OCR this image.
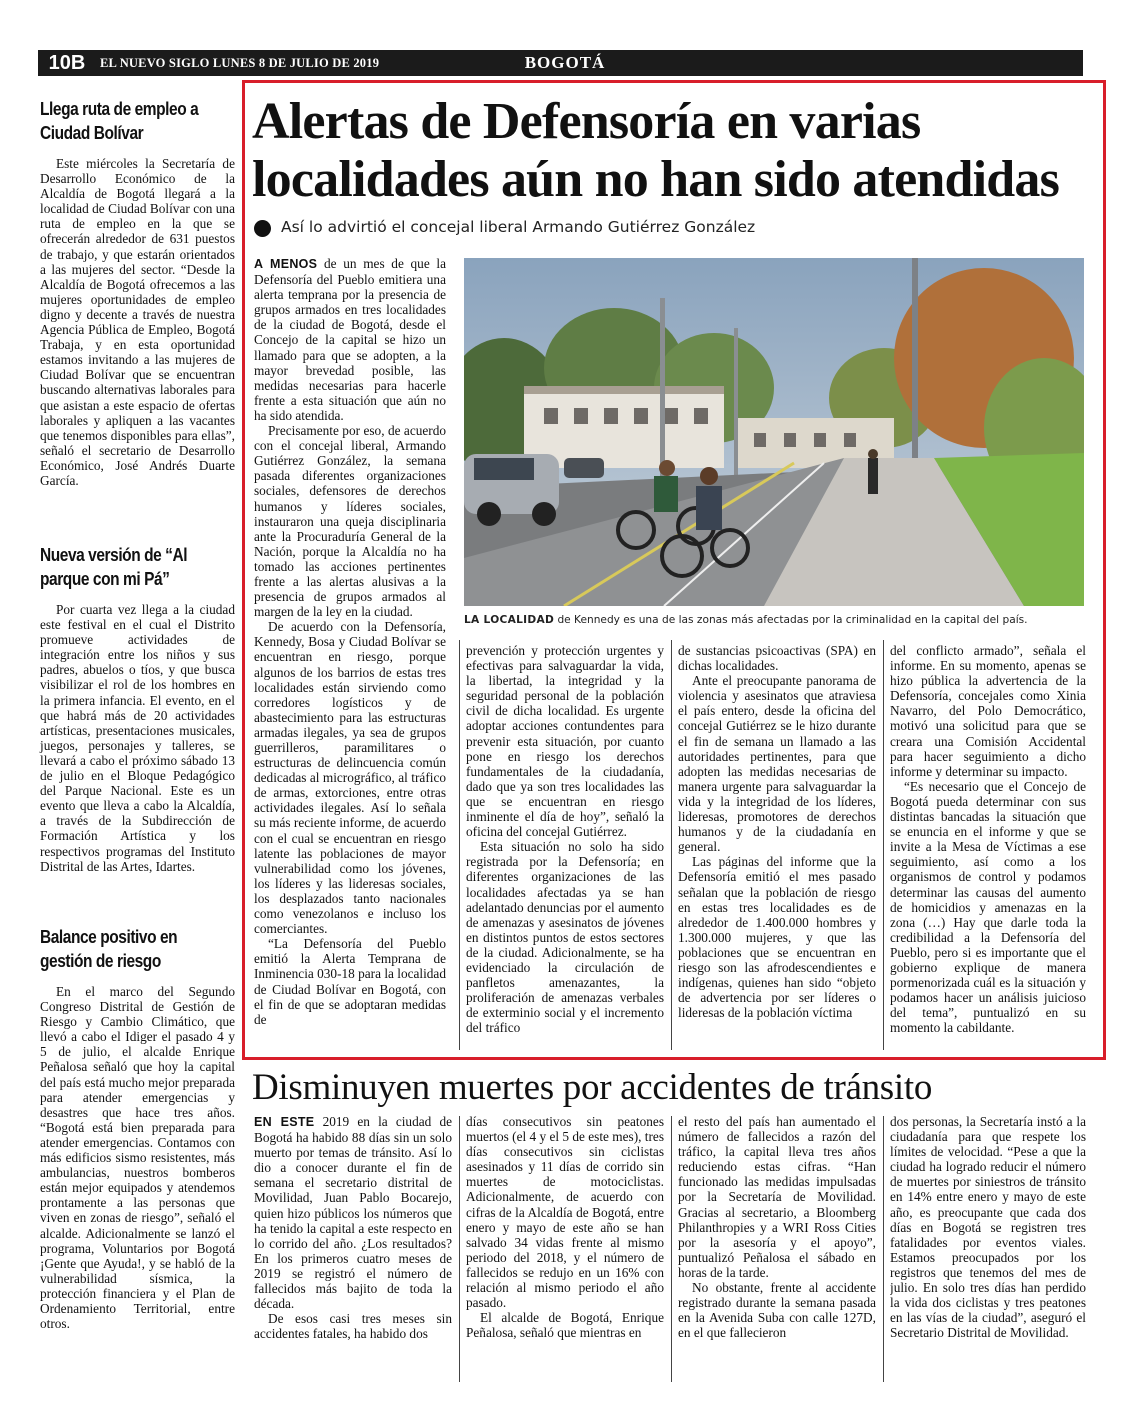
10B	EL NUEVO SIGLO LUNES 8 DE JULIO DE 2019	BOGOTÁ
Llega ruta de empleo a Ciudad Bolívar
Este miércoles la Secretaría de Desarrollo Económico de la Alcaldía de Bogotá llegará a la localidad de Ciudad Bolívar con una ruta de empleo en la que se ofrecerán alrededor de 631 puestos de trabajo, y que estarán orientados a las mujeres del sector. “Desde la Alcaldía de Bogotá ofrecemos a las mujeres oportunidades de empleo digno y decente a través de nuestra Agencia Pública de Empleo, Bogotá Trabaja, y en esta oportunidad estamos invitando a las mujeres de Ciudad Bolívar que se encuentran buscando alternativas laborales para que asistan a este espacio de ofertas laborales y apliquen a las vacantes que tenemos disponibles para ellas”, señaló el secretario de Desarrollo Económico, José Andrés Duarte García.
Nueva versión de “Al parque con mi Pá”
Por cuarta vez llega a la ciudad este festival en el cual el Distrito promueve actividades de integración entre los niños y sus padres, abuelos o tíos, y que busca visibilizar el rol de los hombres en la primera infancia. El evento, en el que habrá más de 20 actividades artísticas, presentaciones musicales, juegos, personajes y talleres, se llevará a cabo el próximo sábado 13 de julio en el Bloque Pedagógico del Parque Nacional. Este es un evento que lleva a cabo la Alcaldía, a través de la Subdirección de Formación Artística y los respectivos programas del Instituto Distrital de las Artes, Idartes.
Balance positivo en gestión de riesgo
En el marco del Segundo Congreso Distrital de Gestión de Riesgo y Cambio Climático, que llevó a cabo el Idiger el pasado 4 y 5 de julio, el alcalde Enrique Peñalosa señaló que hoy la capital del país está mucho mejor preparada para atender emergencias y desastres que hace tres años. “Bogotá está bien preparada para atender emergencias. Contamos con más edificios sismo resistentes, más ambulancias, nuestros bomberos están mejor equipados y atendemos prontamente a las personas que viven en zonas de riesgo”, señaló el alcalde. Adicionalmente se lanzó el programa, Voluntarios por Bogotá ¡Gente que Ayuda!, y se habló de la vulnerabilidad sísmica, la protección financiera y el Plan de Ordenamiento Territorial, entre otros.
Alertas de Defensoría en varias localidades aún no han sido atendidas
Así lo advirtió el concejal liberal Armando Gutiérrez González

A MENOS de un mes de que la Defensoría del Pueblo emitiera una alerta temprana por la presencia de grupos armados en tres localidades de la ciudad de Bogotá, desde el Concejo de la capital se hizo un llamado para que se adopten, a la mayor brevedad posible, las medidas necesarias para hacerle frente a esta situación que aún no ha sido atendida.

Precisamente por eso, de acuerdo con el concejal liberal, Armando Gutiérrez González, la semana pasada diferentes organizaciones sociales, defensores de derechos humanos y líderes sociales, instauraron una queja disciplinaria ante la Procuraduría General de la Nación, porque la Alcaldía no ha tomado las acciones pertinentes frente a las alertas alusivas a la presencia de grupos armados al margen de la ley en la ciudad.

De acuerdo con la Defensoría, Kennedy, Bosa y Ciudad Bolívar se encuentran en riesgo, porque algunos de los barrios de estas tres localidades están sirviendo como corredores logísticos y de abastecimiento para las estructuras armadas ilegales, ya sea de grupos guerrilleros, paramilitares o estructuras de delincuencia común dedicadas al micrográfico, al tráfico de armas, extorciones, entre otras actividades ilegales. Así lo señala su más reciente informe, de acuerdo con el cual se encuentran en riesgo latente las poblaciones de mayor vulnerabilidad como los jóvenes, los líderes y las lideresas sociales, los desplazados tanto nacionales como venezolanos e incluso los comerciantes.

“La Defensoría del Pueblo emitió la Alerta Temprana de Inminencia 030-18 para la localidad de Ciudad Bolívar en Bogotá, con el fin de que se adoptaran medidas de

LA LOCALIDAD de Kennedy es una de las zonas más afectadas por la criminalidad en la capital del país.

prevención y protección urgentes y efectivas para salvaguardar la vida, la libertad, la integridad y la seguridad personal de la población civil de dicha localidad. Es urgente adoptar acciones contundentes para prevenir esta situación, por cuanto pone en riesgo los derechos fundamentales de la ciudadanía, dado que ya son tres localidades las que se encuentran en riesgo inminente el día de hoy”, señaló la oficina del concejal Gutiérrez.

Esta situación no solo ha sido registrada por la Defensoría; en diferentes organizaciones de las localidades afectadas ya se han adelantado denuncias por el aumento de amenazas y asesinatos de jóvenes en distintos puntos de estos sectores de la ciudad. Adicionalmente, se ha evidenciado la circulación de panfletos amenazantes, la proliferación de amenazas verbales de exterminio social y el incremento del tráfico

de sustancias psicoactivas (SPA) en dichas localidades.

Ante el preocupante panorama de violencia y asesinatos que atraviesa el país entero, desde la oficina del concejal Gutiérrez se le hizo durante el fin de semana un llamado a las autoridades pertinentes, para que adopten las medidas necesarias de manera urgente para salvaguardar la vida y la integridad de los líderes, lideresas, promotores de derechos humanos y de la ciudadanía en general.

Las páginas del informe que la Defensoría emitió el mes pasado señalan que la población de riesgo en estas tres localidades es de alrededor de 1.400.000 hombres y 1.300.000 mujeres, y que las poblaciones que se encuentran en riesgo son las afrodescendientes e indígenas, quienes han sido “objeto de advertencia por ser líderes o lideresas de la población víctima

del conflicto armado”, señala el informe. En su momento, apenas se hizo pública la advertencia de la Defensoría, concejales como Xinia Navarro, del Polo Democrático, motivó una solicitud para que se creara una Comisión Accidental para hacer seguimiento a dicho informe y determinar su impacto.

“Es necesario que el Concejo de Bogotá pueda determinar con sus distintas bancadas la situación que se enuncia en el informe y que se invite a la Mesa de Víctimas a ese seguimiento, así como a los organismos de control y podamos determinar las causas del aumento de homicidios y amenazas en la zona (…) Hay que darle toda la credibilidad a la Defensoría del Pueblo, pero si es importante que el gobierno explique de manera pormenorizada cuál es la situación y podamos hacer un análisis juicioso del tema”, puntualizó en su momento la cabildante.

Disminuyen muertes por accidentes de tránsito

EN ESTE 2019 en la ciudad de Bogotá ha habido 88 días sin un solo muerto por temas de tránsito. Así lo dio a conocer durante el fin de semana el secretario distrital de Movilidad, Juan Pablo Bocarejo, quien hizo públicos los números que ha tenido la capital a este respecto en lo corrido del año. ¿Los resultados? En los primeros cuatro meses de 2019 se registró el número de fallecidos más bajito de toda la década.

De esos casi tres meses sin accidentes fatales, ha habido dos

días consecutivos sin peatones muertos (el 4 y el 5 de este mes), tres días consecutivos sin ciclistas asesinados y 11 días de corrido sin muertes de motociclistas. Adicionalmente, de acuerdo con cifras de la Alcaldía de Bogotá, entre enero y mayo de este año se han salvado 34 vidas frente al mismo periodo del 2018, y el número de fallecidos se redujo en un 16% con relación al mismo periodo el año pasado.

El alcalde de Bogotá, Enrique Peñalosa, señaló que mientras en

el resto del país han aumentado el número de fallecidos a razón del tráfico, la capital lleva tres años reduciendo estas cifras. “Han funcionado las medidas impulsadas por la Secretaría de Movilidad. Gracias al secretario, a Bloomberg Philanthropies y a WRI Ross Cities por la asesoría y el apoyo”, puntualizó Peñalosa el sábado en horas de la tarde.

No obstante, frente al accidente registrado durante la semana pasada en la Avenida Suba con calle 127D, en el que fallecieron

dos personas, la Secretaría instó a la ciudadanía para que respete los límites de velocidad. “Pese a que la ciudad ha logrado reducir el número de muertes por siniestros de tránsito en 14% entre enero y mayo de este año, es preocupante que cada dos días en Bogotá se registren tres fatalidades por eventos viales. Estamos preocupados por los registros que tenemos del mes de julio. En solo tres días han perdido la vida dos ciclistas y tres peatones en las vías de la ciudad”, aseguró el Secretario Distrital de Movilidad.
